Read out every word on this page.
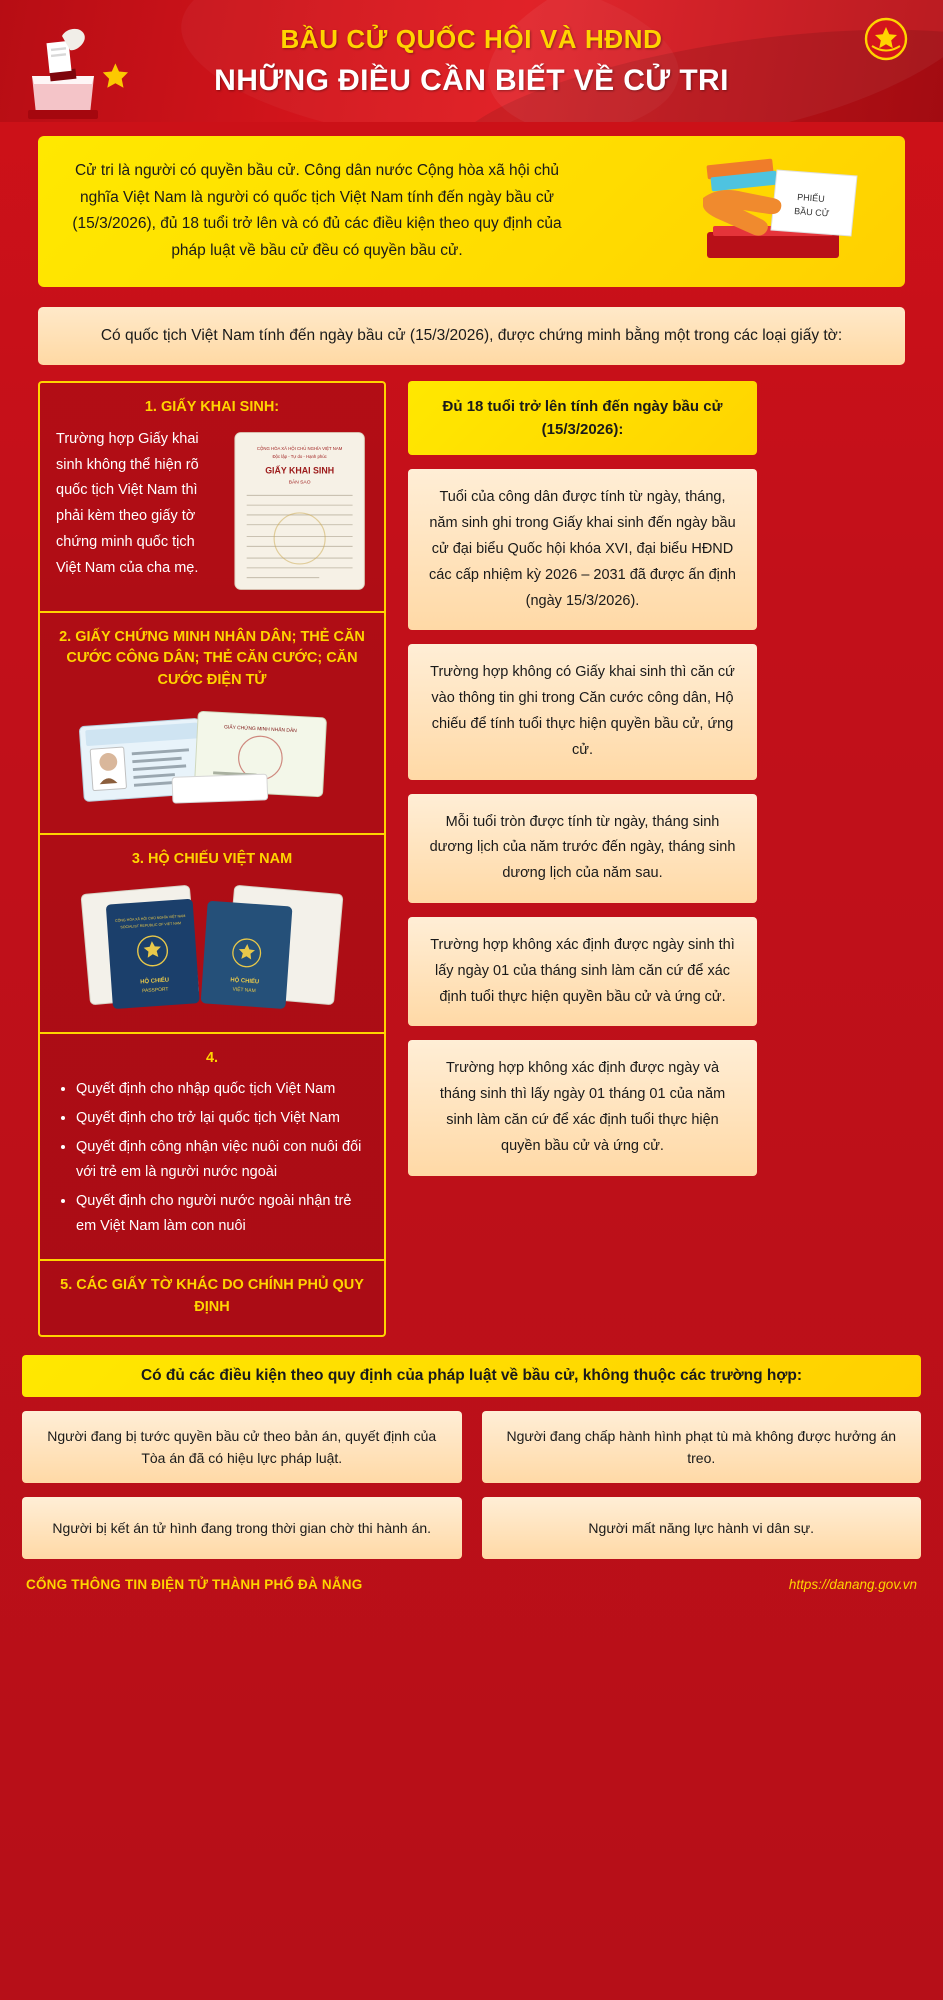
BẦU CỬ QUỐC HỘI VÀ HĐND
NHỮNG ĐIỀU CẦN BIẾT VỀ CỬ TRI
Cử tri là người có quyền bầu cử. Công dân nước Cộng hòa xã hội chủ nghĩa Việt Nam là người có quốc tịch Việt Nam tính đến ngày bầu cử (15/3/2026), đủ 18 tuổi trở lên và có đủ các điều kiện theo quy định của pháp luật về bầu cử đều có quyền bầu cử.
PHIẾU
BẦU CỬ
Có quốc tịch Việt Nam tính đến ngày bầu cử (15/3/2026), được chứng minh bằng một trong các loại giấy tờ:
1. GIẤY KHAI SINH:
Trường hợp Giấy khai sinh không thể hiện rõ quốc tịch Việt Nam thì phải kèm theo giấy tờ chứng minh quốc tịch Việt Nam của cha mẹ.
CỘNG HÒA XÃ HỘI CHỦ NGHĨA VIỆT NAM
Độc lập - Tự do - Hạnh phúc
GIẤY KHAI SINH
BẢN SAO
2. GIẤY CHỨNG MINH NHÂN DÂN; THẺ CĂN CƯỚC CÔNG DÂN; THẺ CĂN CƯỚC; CĂN CƯỚC ĐIỆN TỬ
GIẤY CHỨNG MINH NHÂN DÂN
3. HỘ CHIẾU VIỆT NAM
CỘNG HÒA XÃ HỘI CHỦ NGHĨA VIỆT NAM
SOCIALIST REPUBLIC OF VIET NAM
HỘ CHIẾU
PASSPORT
HỘ CHIẾU
VIỆT NAM
4.
• Quyết định cho nhập quốc tịch Việt Nam
• Quyết định cho trở lại quốc tịch Việt Nam
• Quyết định công nhận việc nuôi con nuôi đối với trẻ em là người nước ngoài
• Quyết định cho người nước ngoài nhận trẻ em Việt Nam làm con nuôi
5. CÁC GIẤY TỜ KHÁC DO CHÍNH PHỦ QUY ĐỊNH
Đủ 18 tuổi trở lên tính đến ngày bầu cử (15/3/2026):
Tuổi của công dân được tính từ ngày, tháng, năm sinh ghi trong Giấy khai sinh đến ngày bầu cử đại biểu Quốc hội khóa XVI, đại biểu HĐND các cấp nhiệm kỳ 2026 – 2031 đã được ấn định (ngày 15/3/2026).
Trường hợp không có Giấy khai sinh thì căn cứ vào thông tin ghi trong Căn cước công dân, Hộ chiếu để tính tuổi thực hiện quyền bầu cử, ứng cử.
Mỗi tuổi tròn được tính từ ngày, tháng sinh dương lịch của năm trước đến ngày, tháng sinh dương lịch của năm sau.
Trường hợp không xác định được ngày sinh thì lấy ngày 01 của tháng sinh làm căn cứ để xác định tuổi thực hiện quyền bầu cử và ứng cử.
Trường hợp không xác định được ngày và tháng sinh thì lấy ngày 01 tháng 01 của năm sinh làm căn cứ để xác định tuổi thực hiện quyền bầu cử và ứng cử.
Có đủ các điều kiện theo quy định của pháp luật về bầu cử, không thuộc các trường hợp:
Người đang bị tước quyền bầu cử theo bản án, quyết định của Tòa án đã có hiệu lực pháp luật.
Người đang chấp hành hình phạt tù mà không được hưởng án treo.
Người bị kết án tử hình đang trong thời gian chờ thi hành án.	Người mất năng lực hành vi dân sự.
CỔNG THÔNG TIN ĐIỆN TỬ THÀNH PHỐ ĐÀ NẴNG	https://danang.gov.vn
